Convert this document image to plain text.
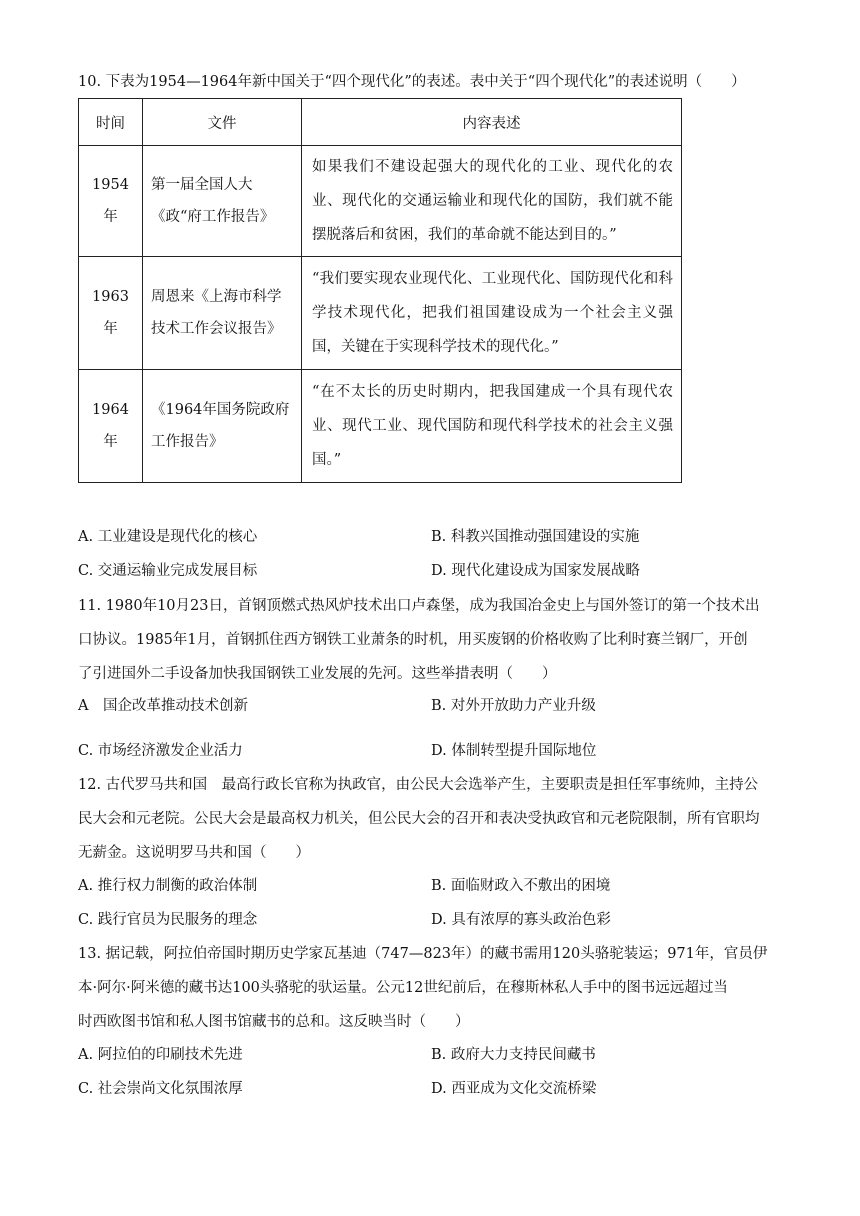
10. 下表为1954—1964年新中国关于“四个现代化”的表述。表中关于“四个现代化”的表述说明（　　）
时间	文件	内容表述

1954
年	第一届全国人大《政“府工作报告》	如果我们不建设起强大的现代化的工业、现代化的农业、现代化的交通运输业和现代化的国防，我们就不能摆脱落后和贫困，我们的革命就不能达到目的。”

1963
年	周恩来《上海市科学技术工作会议报告》	“我们要实现农业现代化、工业现代化、国防现代化和科学技术现代化，把我们祖国建设成为一个社会主义强国，关键在于实现科学技术的现代化。”

1964
年	《1964年国务院政府工作报告》	“在不太长的历史时期内，把我国建成一个具有现代农业、现代工业、现代国防和现代科学技术的社会主义强国。”
A. 工业建设是现代化的核心	B. 科教兴国推动强国建设的实施
C. 交通运输业完成发展目标	D. 现代化建设成为国家发展战略
11. 1980年10月23日，首钢顶燃式热风炉技术出口卢森堡，成为我国冶金史上与国外签订的第一个技术出
口协议。1985年1月，首钢抓住西方钢铁工业萧条的时机，用买废钢的价格收购了比利时赛兰钢厂，开创
了引进国外二手设备加快我国钢铁工业发展的先河。这些举措表明（　　）
A　国企改革推动技术创新	B. 对外开放助力产业升级
C. 市场经济激发企业活力	D. 体制转型提升国际地位
12. 古代罗马共和国　最高行政长官称为执政官，由公民大会选举产生，主要职责是担任军事统帅，主持公
民大会和元老院。公民大会是最高权力机关，但公民大会的召开和表决受执政官和元老院限制，所有官职均
无薪金。这说明罗马共和国（　　）
A. 推行权力制衡的政治体制	B. 面临财政入不敷出的困境
C. 践行官员为民服务的理念	D. 具有浓厚的寡头政治色彩
13. 据记载，阿拉伯帝国时期历史学家瓦基迪（747—823年）的藏书需用120头骆驼装运；971年，官员伊
本·阿尔·阿米德的藏书达100头骆驼的驮运量。公元12世纪前后，在穆斯林私人手中的图书远远超过当
时西欧图书馆和私人图书馆藏书的总和。这反映当时（　　）
A. 阿拉伯的印刷技术先进	B. 政府大力支持民间藏书
C. 社会崇尚文化氛围浓厚	D. 西亚成为文化交流桥梁
